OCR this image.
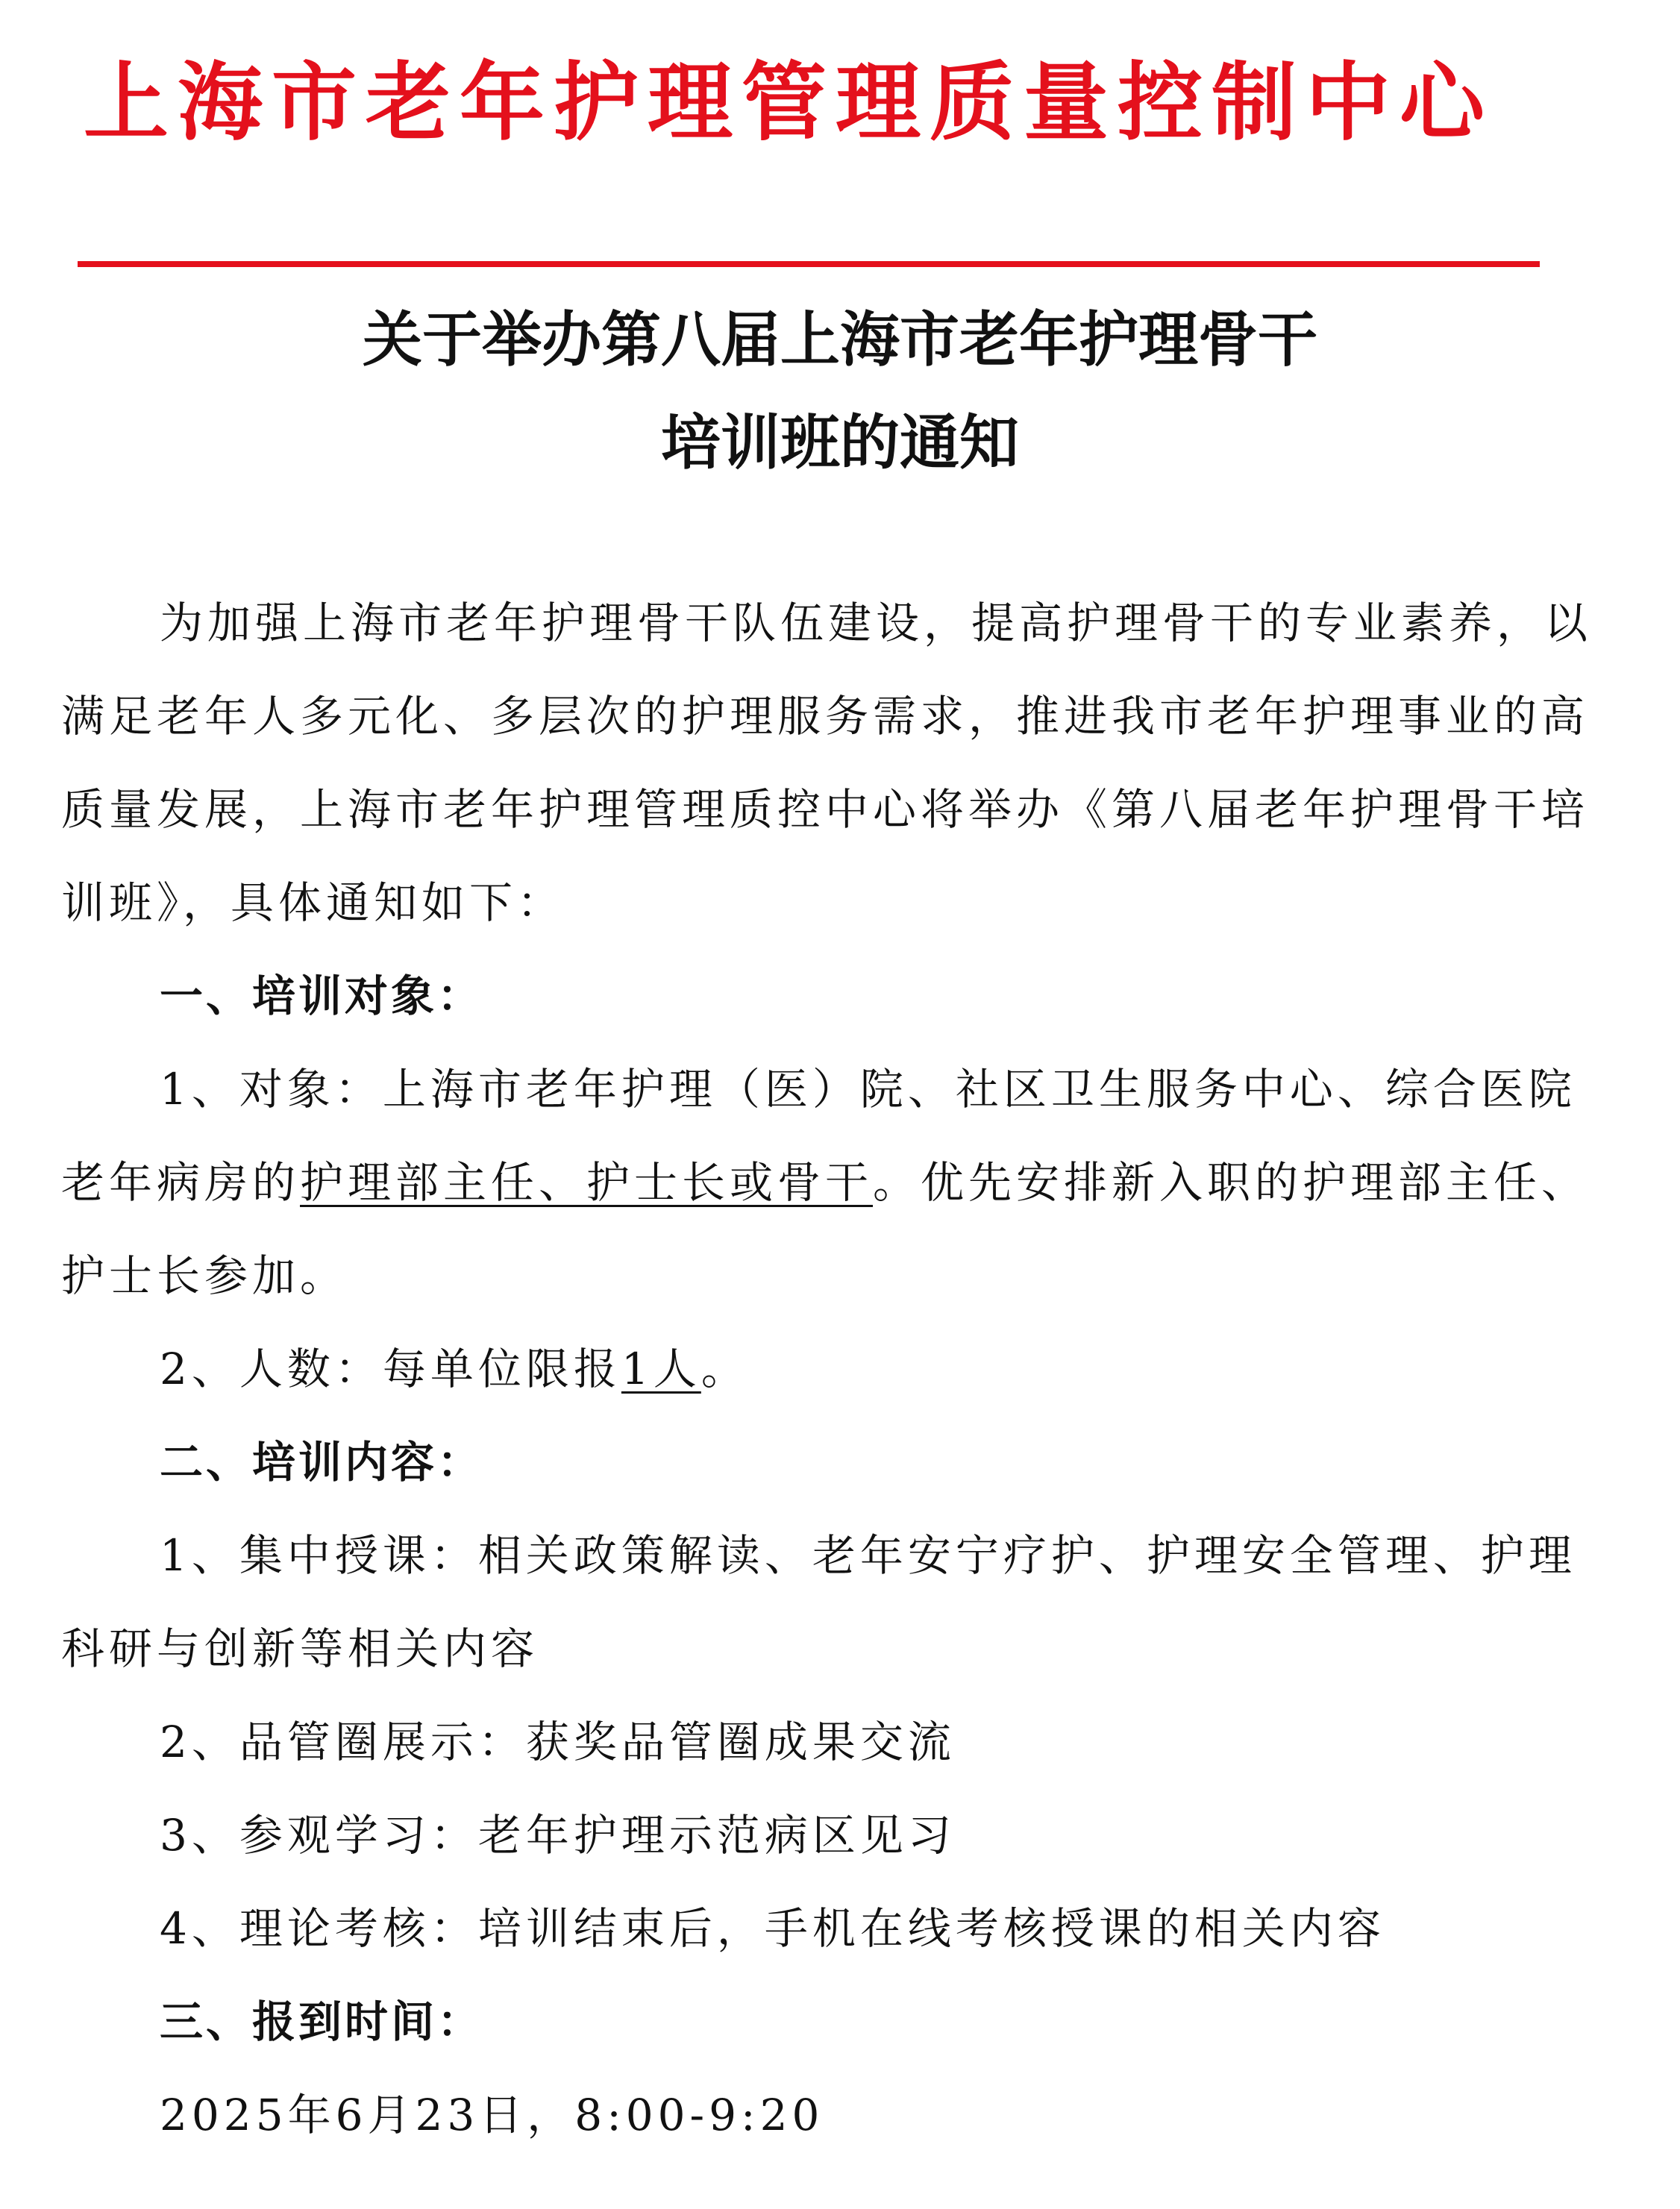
上海市老年护理管理质量控制中心
关于举办第八届上海市老年护理骨干
培训班的通知
为加强上海市老年护理骨干队伍建设，提高护理骨干的专业素养，以
满足老年人多元化、多层次的护理服务需求，推进我市老年护理事业的高
质量发展，上海市老年护理管理质控中心将举办《第八届老年护理骨干培
训班》，具体通知如下：
一、培训对象：
1、对象：上海市老年护理（医）院、社区卫生服务中心、综合医院
老年病房的护理部主任、护士长或骨干。优先安排新入职的护理部主任、
护士长参加。
2、人数：每单位限报1人。
二、培训内容：
1、集中授课：相关政策解读、老年安宁疗护、护理安全管理、护理
科研与创新等相关内容
2、品管圈展示：获奖品管圈成果交流
3、参观学习：老年护理示范病区见习
4、理论考核：培训结束后，手机在线考核授课的相关内容
三、报到时间：
2025年6月23日，8:00-9:20
